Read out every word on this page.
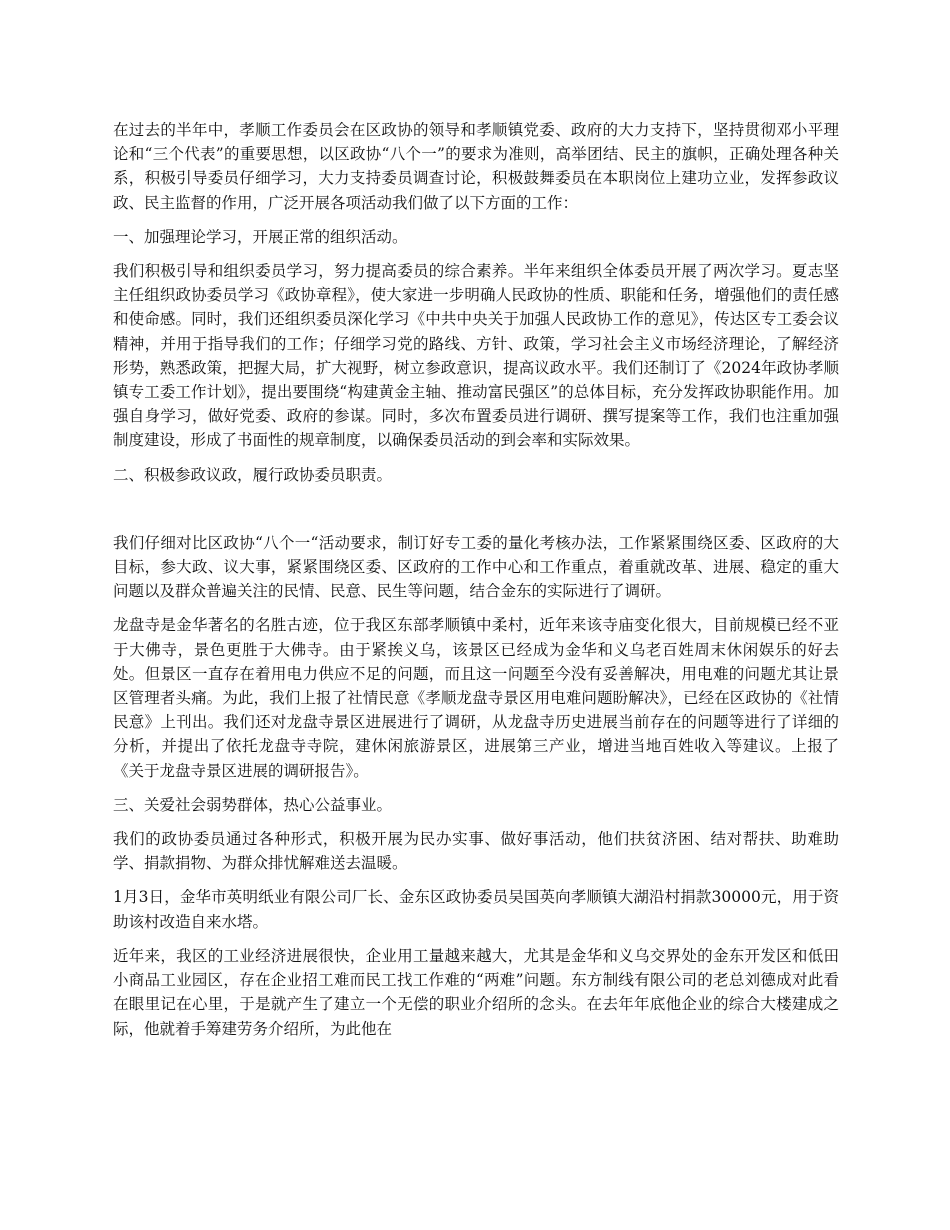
在过去的半年中，孝顺工作委员会在区政协的领导和孝顺镇党委、政府的大力支持下，坚持贯彻邓小平理论和“三个代表”的重要思想，以区政协“八个一”的要求为准则，高举团结、民主的旗帜，正确处理各种关系，积极引导委员仔细学习，大力支持委员调查讨论，积极鼓舞委员在本职岗位上建功立业，发挥参政议政、民主监督的作用，广泛开展各项活动我们做了以下方面的工作：

一、加强理论学习，开展正常的组织活动。

我们积极引导和组织委员学习，努力提高委员的综合素养。半年来组织全体委员开展了两次学习。夏志坚主任组织政协委员学习《政协章程》，使大家进一步明确人民政协的性质、职能和任务，增强他们的责任感和使命感。同时，我们还组织委员深化学习《中共中央关于加强人民政协工作的意见》，传达区专工委会议精神，并用于指导我们的工作；仔细学习党的路线、方针、政策，学习社会主义市场经济理论，了解经济形势，熟悉政策，把握大局，扩大视野，树立参政意识，提高议政水平。我们还制订了《2024年政协孝顺镇专工委工作计划》，提出要围绕“构建黄金主轴、推动富民强区”的总体目标，充分发挥政协职能作用。加强自身学习，做好党委、政府的参谋。同时，多次布置委员进行调研、撰写提案等工作，我们也注重加强制度建设，形成了书面性的规章制度，以确保委员活动的到会率和实际效果。

二、积极参政议政，履行政协委员职责。

我们仔细对比区政协“八个一“活动要求，制订好专工委的量化考核办法，工作紧紧围绕区委、区政府的大目标，参大政、议大事，紧紧围绕区委、区政府的工作中心和工作重点，着重就改革、进展、稳定的重大问题以及群众普遍关注的民情、民意、民生等问题，结合金东的实际进行了调研。

龙盘寺是金华著名的名胜古迹，位于我区东部孝顺镇中柔村，近年来该寺庙变化很大，目前规模已经不亚于大佛寺，景色更胜于大佛寺。由于紧挨义乌，该景区已经成为金华和义乌老百姓周末休闲娱乐的好去处。但景区一直存在着用电力供应不足的问题，而且这一问题至今没有妥善解决，用电难的问题尤其让景区管理者头痛。为此，我们上报了社情民意《孝顺龙盘寺景区用电难问题盼解决》，已经在区政协的《社情民意》上刊出。我们还对龙盘寺景区进展进行了调研，从龙盘寺历史进展当前存在的问题等进行了详细的分析，并提出了依托龙盘寺寺院，建休闲旅游景区，进展第三产业，增进当地百姓收入等建议。上报了《关于龙盘寺景区进展的调研报告》。

三、关爱社会弱势群体，热心公益事业。

我们的政协委员通过各种形式，积极开展为民办实事、做好事活动，他们扶贫济困、结对帮扶、助难助学、捐款捐物、为群众排忧解难送去温暖。

1月3日，金华市英明纸业有限公司厂长、金东区政协委员吴国英向孝顺镇大湖沿村捐款30000元，用于资助该村改造自来水塔。

近年来，我区的工业经济进展很快，企业用工量越来越大，尤其是金华和义乌交界处的金东开发区和低田小商品工业园区，存在企业招工难而民工找工作难的“两难”问题。东方制线有限公司的老总刘德成对此看在眼里记在心里，于是就产生了建立一个无偿的职业介绍所的念头。在去年年底他企业的综合大楼建成之际，他就着手筹建劳务介绍所，为此他在
